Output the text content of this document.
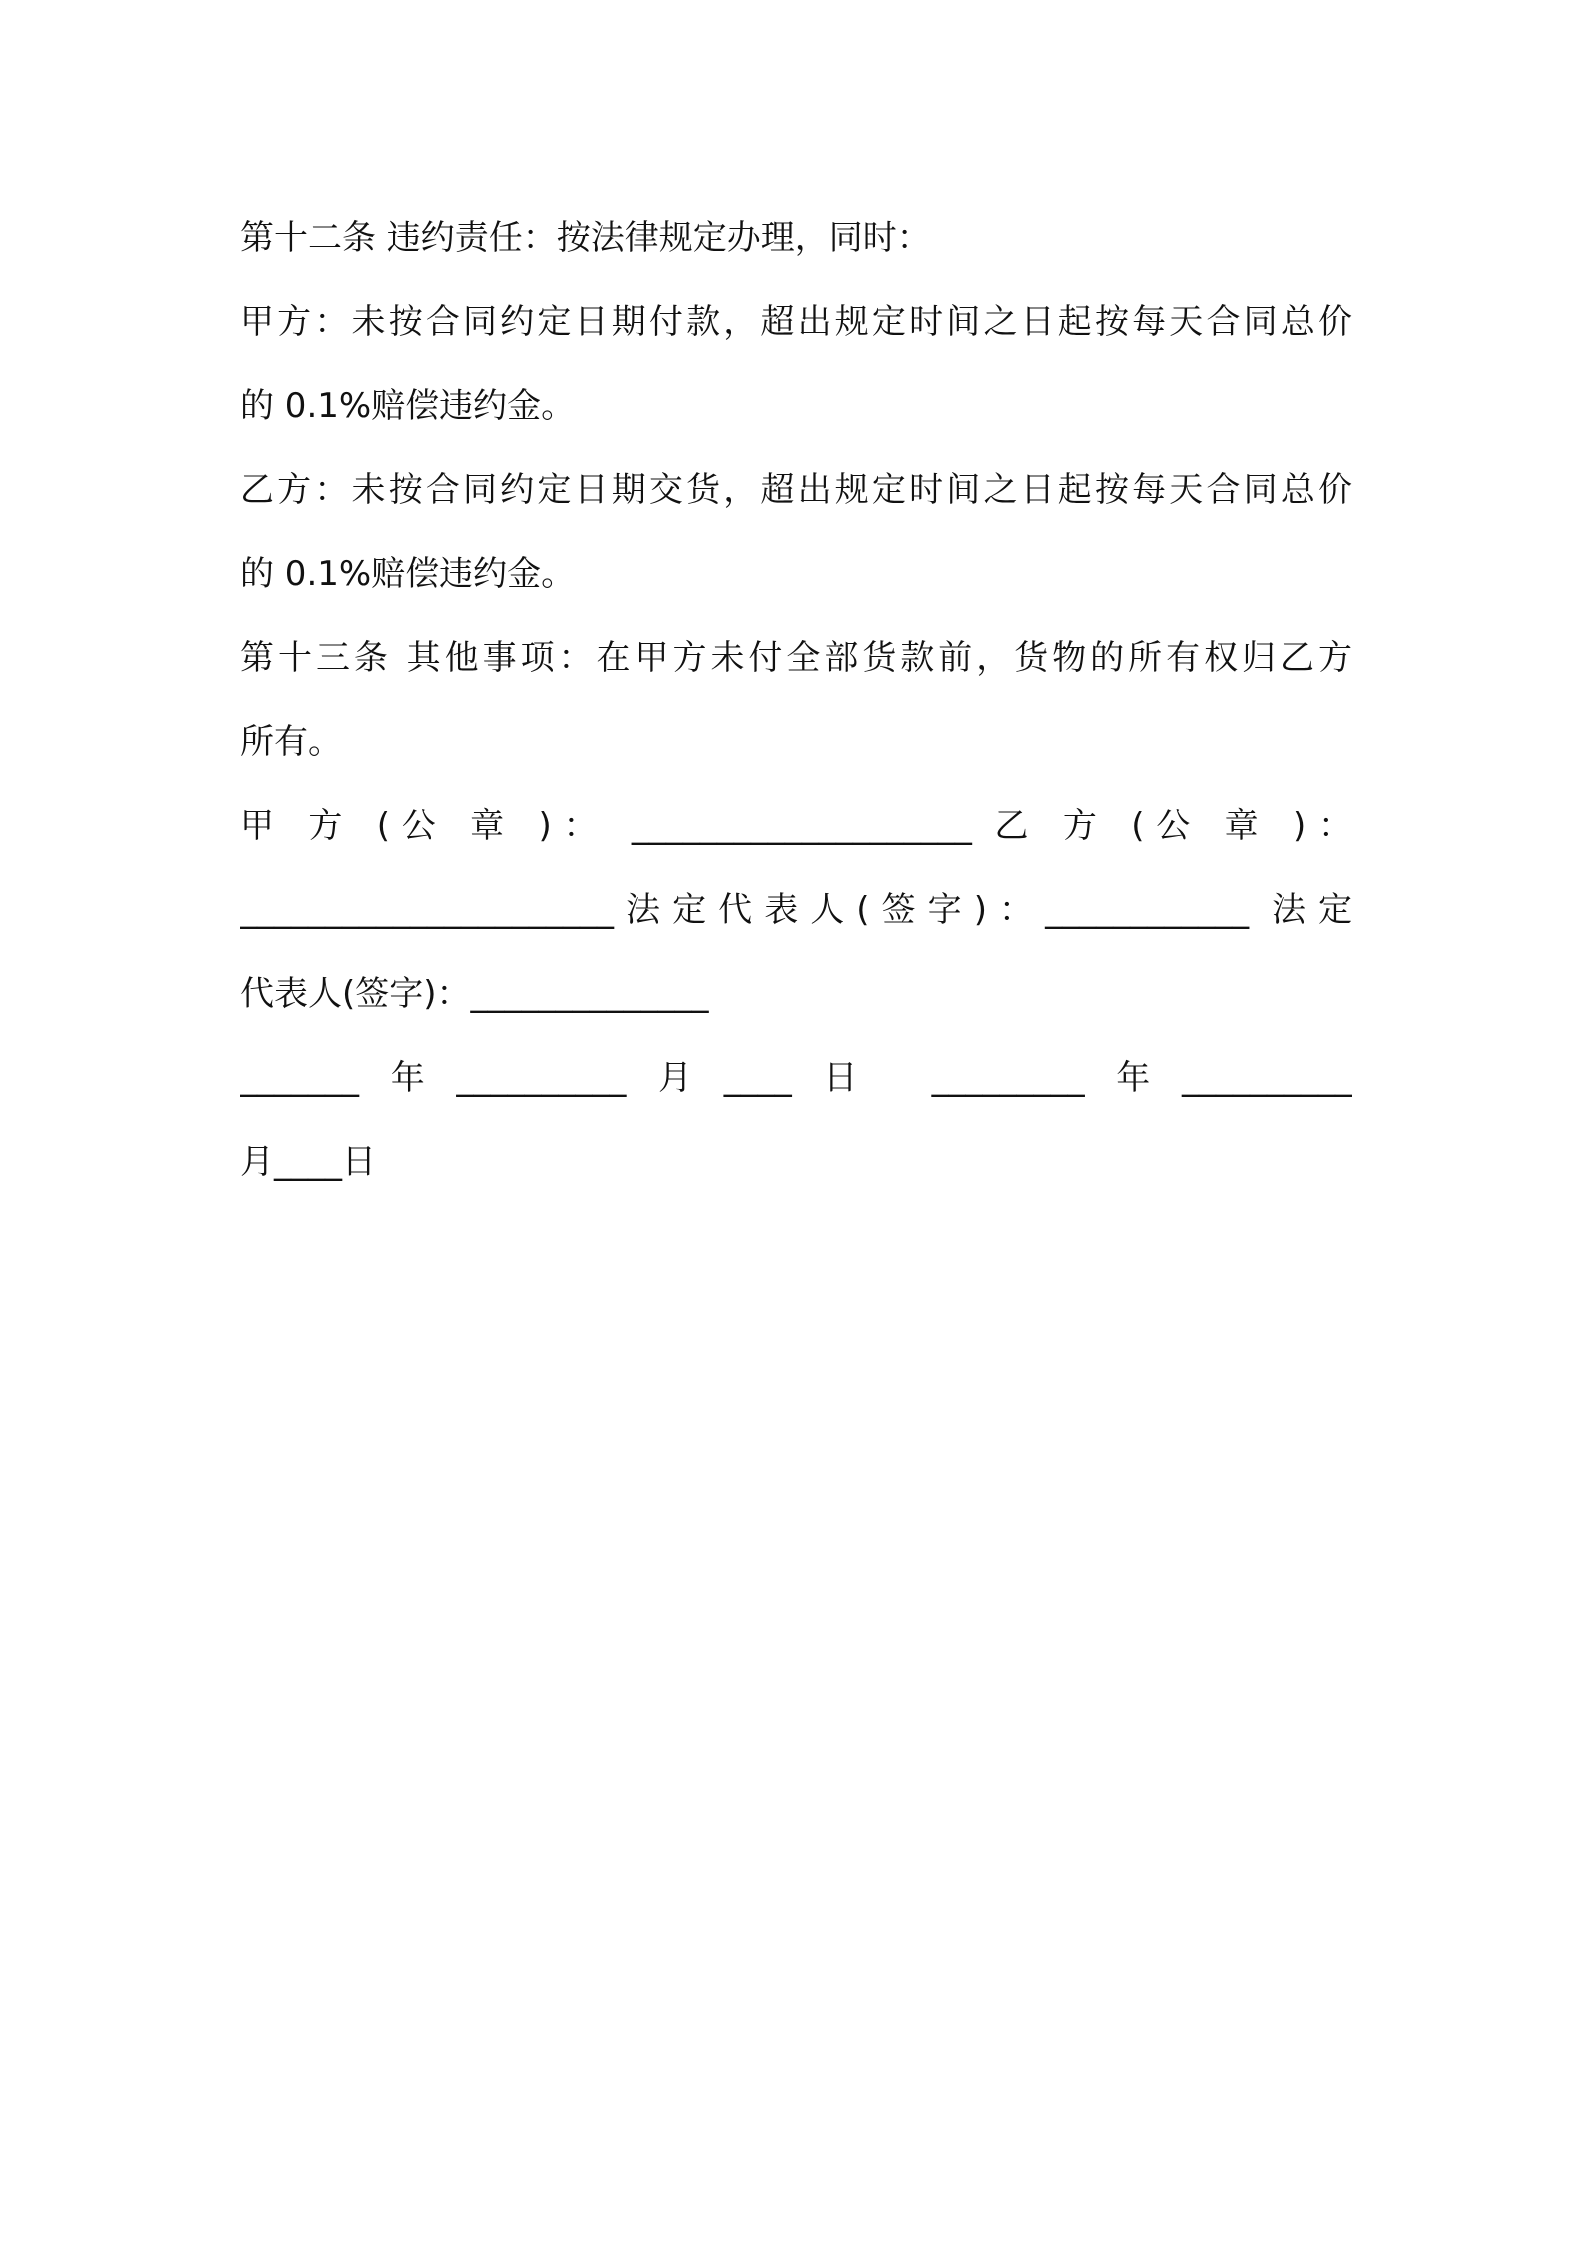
第十二条 违约责任：按法律规定办理，同时：
甲方：未按合同约定日期付款，超出规定时间之日起按每天合同总价
的 0.1%赔偿违约金。
乙方：未按合同约定日期交货，超出规定时间之日起按每天合同总价
的 0.1%赔偿违约金。
第十三条 其他事项：在甲方未付全部货款前，货物的所有权归乙方
所有。
甲 方 (公 章 )： ____________________ 乙 方 (公 章 )：
______________________法定代表人(签字)：____________ 法定
代表人(签字)：______________
_______年__________月____日 _________年__________
月____日
